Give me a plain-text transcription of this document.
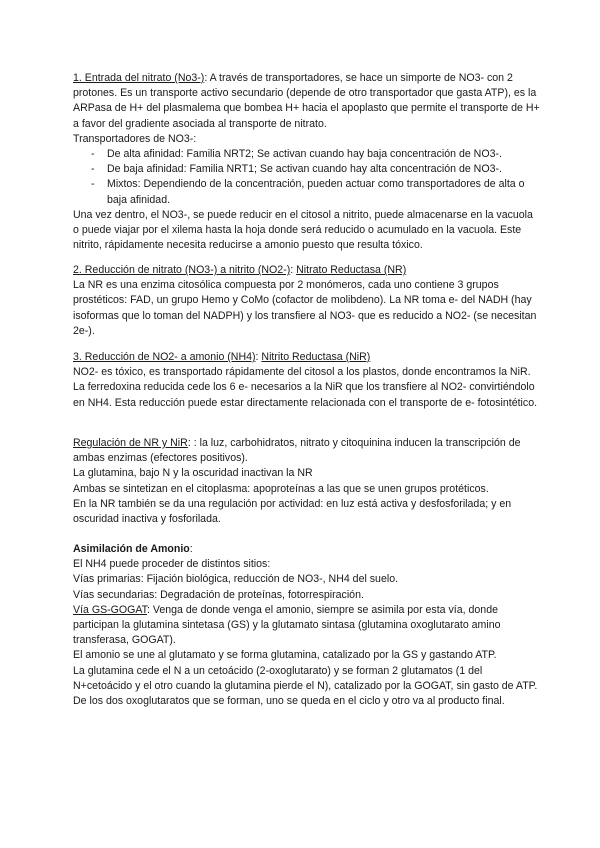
1. Entrada del nitrato (No3-): A través de transportadores, se hace un simporte de NO3- con 2 protones. Es un transporte activo secundario (depende de otro transportador que gasta ATP), es la ARPasa de H+ del plasmalema que bombea H+ hacia el apoplasto que permite el transporte de H+ a favor del gradiente asociada al transporte de nitrato.

Transportadores de NO3-:

- De alta afinidad: Familia NRT2; Se activan cuando hay baja concentración de NO3-.
- De baja afinidad: Familia NRT1; Se activan cuando hay alta concentración de NO3-.
- Mixtos: Dependiendo de la concentración, pueden actuar como transportadores de alta o baja afinidad.

Una vez dentro, el NO3-, se puede reducir en el citosol a nitrito, puede almacenarse en la vacuola o puede viajar por el xilema hasta la hoja donde será reducido o acumulado en la vacuola. Este nitrito, rápidamente necesita reducirse a amonio puesto que resulta tóxico.

2. Reducción de nitrato (NO3-) a nitrito (NO2-): Nitrato Reductasa (NR)

La NR es una enzima citosólica compuesta por 2 monómeros, cada uno contiene 3 grupos prostéticos: FAD, un grupo Hemo y CoMo (cofactor de molibdeno). La NR toma e- del NADH (hay isoformas que lo toman del NADPH) y los transfiere al NO3- que es reducido a NO2- (se necesitan 2e-).

3. Reducción de NO2- a amonio (NH4): Nitrito Reductasa (NiR)

NO2- es tóxico, es transportado rápidamente del citosol a los plastos, donde encontramos la NiR. La ferredoxina reducida cede los 6 e- necesarios a la NiR que los transfiere al NO2- convirtiéndolo en NH4. Esta reducción puede estar directamente relacionada con el transporte de e- fotosintético.

Regulación de NR y NiR: : la luz, carbohidratos, nitrato y citoquinina inducen la transcripción de ambas enzimas (efectores positivos).

La glutamina, bajo N y la oscuridad inactivan la NR

Ambas se sintetizan en el citoplasma: apoproteínas a las que se unen grupos protéticos.

En la NR también se da una regulación por actividad: en luz está activa y desfosforilada; y en oscuridad inactiva y fosforilada.

Asimilación de Amonio:

El NH4 puede proceder de distintos sitios:

Vías primarias: Fijación biológica, reducción de NO3-, NH4 del suelo.

Vías secundarias: Degradación de proteínas, fotorrespiración.

Vía GS-GOGAT: Venga de donde venga el amonio, siempre se asimila por esta vía, donde participan la glutamina sintetasa (GS) y la glutamato sintasa (glutamina oxoglutarato amino transferasa, GOGAT).

El amonio se une al glutamato y se forma glutamina, catalizado por la GS y gastando ATP.

La glutamina cede el N a un cetoácido (2-oxoglutarato) y se forman 2 glutamatos (1 del N+cetoácido y el otro cuando la glutamina pierde el N), catalizado por la GOGAT, sin gasto de ATP.

De los dos oxoglutaratos que se forman, uno se queda en el ciclo y otro va al producto final.
